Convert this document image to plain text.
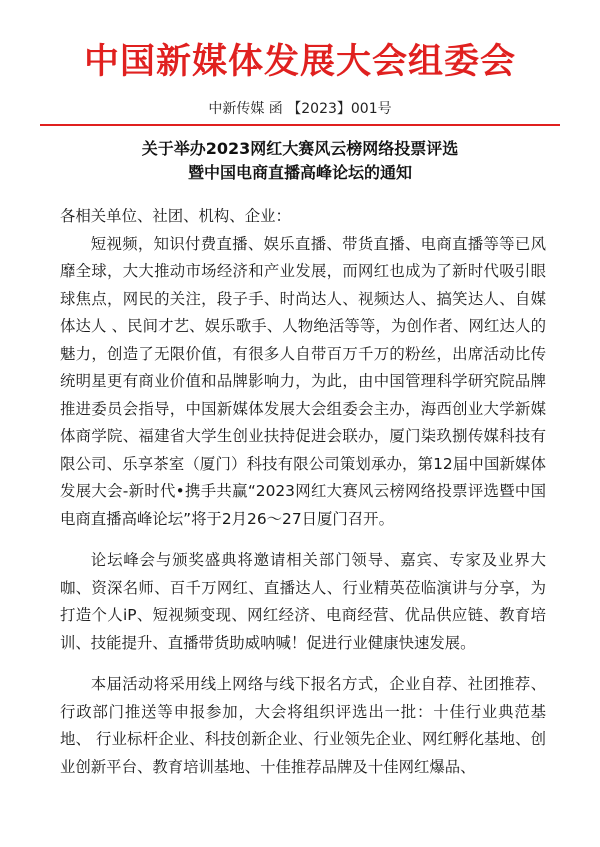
中国新媒体发展大会组委会
中新传媒 函 【2023】001号
关于举办2023网红大赛风云榜网络投票评选
暨中国电商直播高峰论坛的通知

各相关单位、社团、机构、企业：

短视频，知识付费直播、娱乐直播、带货直播、电商直播等等已风靡全球，大大推动市场经济和产业发展，而网红也成为了新时代吸引眼球焦点，网民的关注，段子手、时尚达人、视频达人、搞笑达人、自媒体达人 、民间才艺、娱乐歌手、人物绝活等等，为创作者、网红达人的魅力，创造了无限价值，有很多人自带百万千万的粉丝，出席活动比传统明星更有商业价值和品牌影响力，为此，由中国管理科学研究院品牌推进委员会指导，中国新媒体发展大会组委会主办，海西创业大学新媒体商学院、福建省大学生创业扶持促进会联办，厦门柒玖捌传媒科技有限公司、乐享茶室（厦门）科技有限公司策划承办，第12届中国新媒体发展大会-新时代•携手共赢“2023网红大赛风云榜网络投票评选暨中国电商直播高峰论坛”将于2月26～27日厦门召开。

论坛峰会与颁奖盛典将邀请相关部门领导、嘉宾、专家及业界大咖、资深名师、百千万网红、直播达人、行业精英莅临演讲与分享，为打造个人iP、短视频变现、网红经济、电商经营、优品供应链、教育培训、技能提升、直播带货助威呐喊！促进行业健康快速发展。

本届活动将采用线上网络与线下报名方式，企业自荐、社团推荐、行政部门推送等申报参加，大会将组织评选出一批：十佳行业典范基地、 行业标杆企业、科技创新企业、行业领先企业、网红孵化基地、创业创新平台、教育培训基地、十佳推荐品牌及十佳网红爆品、
